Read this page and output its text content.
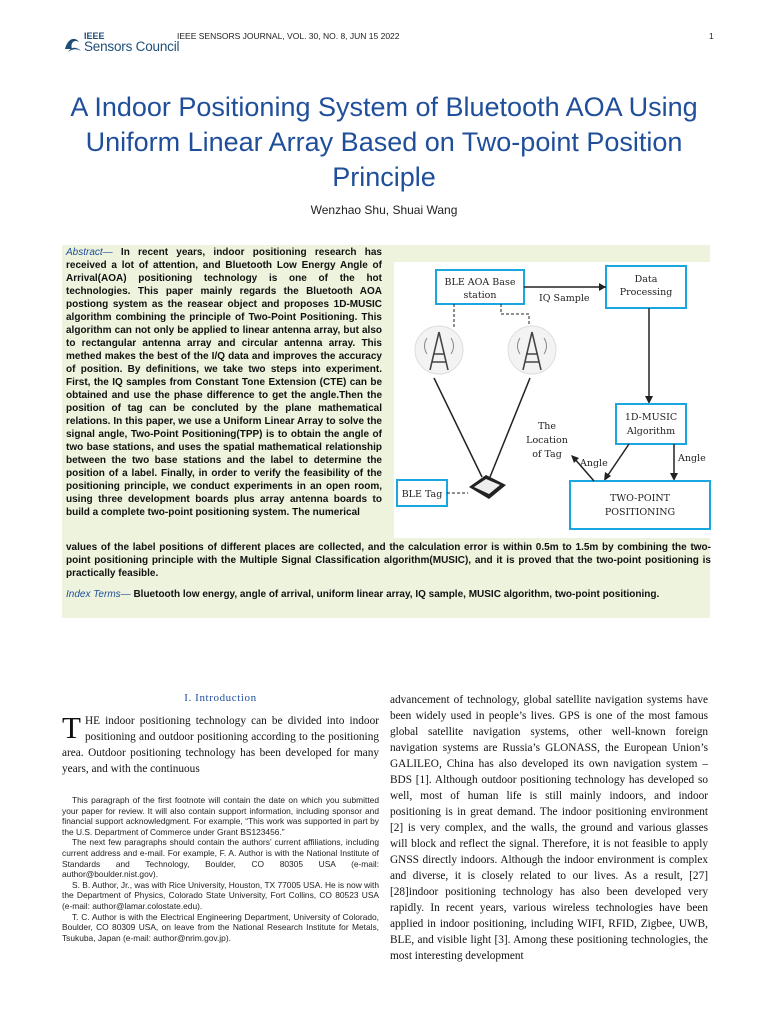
IEEE
Sensors Council
IEEE SENSORS JOURNAL, VOL. 30, NO. 8, JUN 15 2022	1
A Indoor Positioning System of Bluetooth AOA Using Uniform Linear Array Based on Two-point Position Principle
Wenzhao Shu, Shuai Wang
Abstract— In recent years, indoor positioning research has received a lot of attention, and Bluetooth Low Energy Angle of Arrival(AOA) positioning technology is one of the hot technologies. This paper mainly regards the Bluetooth AOA postiong system as the reasear object and proposes 1D-MUSIC algorithm combining the principle of Two-Point Positioning. This algorithm can not only be applied to linear antenna array, but also to rectangular antenna array and circular antenna array. This methed makes the best of the I/Q data and improves the accuracy of position. By definitions, we take two steps into experiment. First, the IQ samples from Constant Tone Extension (CTE) can be obtained and use the phase difference to get the angle.Then the position of tag can be concluted by the plane mathematical relations. In this paper, we use a Uniform Linear Array to solve the signal angle, Two-Point Positioning(TPP) is to obtain the angle of two base stations, and uses the spatial mathematical relationship between the two base stations and the label to determine the position of a label. Finally, in order to verify the feasibility of the positioning principle, we conduct experiments in an open room, using three development boards plus array antenna boards to build a complete two-point positioning system. The numerical
values of the label positions of different places are collected, and the calculation error is within 0.5m to 1.5m by combining the two-point positioning principle with the Multiple Signal Classification algorithm(MUSIC), and it is proved that the two-point positioning is practically feasible.
Index Terms— Bluetooth low energy, angle of arrival, uniform linear array, IQ sample, MUSIC algorithm, two-point positioning.
BLE AOA Base
station
Data
Processing
IQ Sample
1D-MUSIC
Algorithm
BLE Tag
The
Location
of Tag
Angle	Angle
TWO-POINT
POSITIONING
I. Introduction
THE indoor positioning technology can be divided into indoor positioning and outdoor positioning according to the positioning area. Outdoor positioning technology has been developed for many years, and with the continuous

This paragraph of the first footnote will contain the date on which you submitted your paper for review. It will also contain support information, including sponsor and financial support acknowledgment. For example, “This work was supported in part by the U.S. Department of Commerce under Grant BS123456.”

The next few paragraphs should contain the authors’ current affiliations, including current address and e-mail. For example, F. A. Author is with the National Institute of Standards and Technology, Boulder, CO 80305 USA (e-mail: author@boulder.nist.gov).

S. B. Author, Jr., was with Rice University, Houston, TX 77005 USA. He is now with the Department of Physics, Colorado State University, Fort Collins, CO 80523 USA (e-mail: author@lamar.colostate.edu).

T. C. Author is with the Electrical Engineering Department, University of Colorado, Boulder, CO 80309 USA, on leave from the National Research Institute for Metals, Tsukuba, Japan (e-mail: author@nrim.gov.jp).

advancement of technology, global satellite navigation systems have been widely used in people’s lives. GPS is one of the most famous global satellite navigation systems, other well-known foreign navigation systems are Russia’s GLONASS, the European Union’s GALILEO, China has also developed its own navigation system – BDS [1]. Although outdoor positioning technology has developed so well, most of human life is still mainly indoors, and indoor positioning is in great demand. The indoor positioning environment [2] is very complex, and the walls, the ground and various glasses will block and reflect the signal. Therefore, it is not feasible to apply GNSS directly indoors. Although the indoor environment is complex and diverse, it is closely related to our lives. As a result, [27] [28]indoor positioning technology has also been developed very rapidly. In recent years, various wireless technologies have been applied in indoor positioning, including WIFI, RFID, Zigbee, UWB, BLE, and visible light [3]. Among these positioning technologies, the most interesting development
